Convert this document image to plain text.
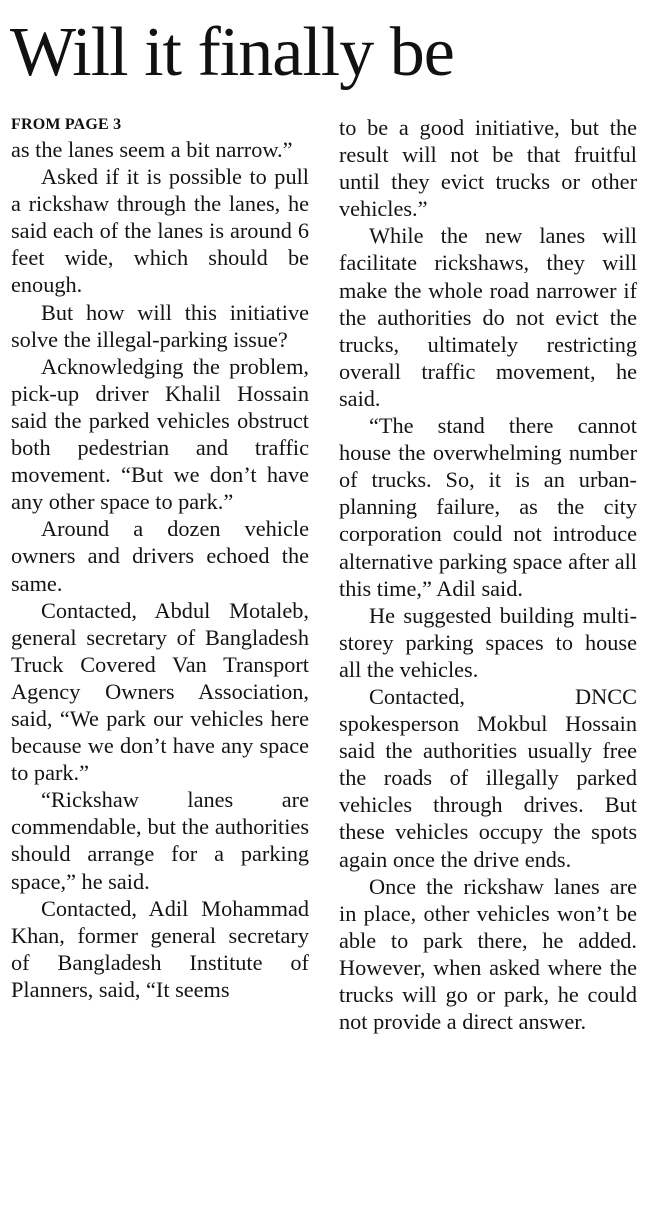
Will it finally be
FROM PAGE 3

as the lanes seem a bit narrow.”

Asked if it is possible to pull a rickshaw through the lanes, he said each of the lanes is around 6 feet wide, which should be enough.

But how will this initiative solve the illegal-parking issue?

Acknowledging the problem, pick-up driver Khalil Hossain said the parked vehicles obstruct both pedestrian and traffic movement. “But we don’t have any other space to park.”

Around a dozen vehicle owners and drivers echoed the same.

Contacted, Abdul Motaleb, general secretary of Bangladesh Truck Covered Van Transport Agency Owners Association, said, “We park our vehicles here because we don’t have any space to park.”

“Rickshaw lanes are commendable, but the authorities should arrange for a parking space,” he said.

Contacted, Adil Mohammad Khan, former general secretary of Bangladesh Institute of Planners, said, “It seems

to be a good initiative, but the result will not be that fruitful until they evict trucks or other vehicles.”

While the new lanes will facilitate rickshaws, they will make the whole road narrower if the authorities do not evict the trucks, ultimately restricting overall traffic movement, he said.

“The stand there cannot house the overwhelming number of trucks. So, it is an urban-planning failure, as the city corporation could not introduce alternative parking space after all this time,” Adil said.

He suggested building multi-storey parking spaces to house all the vehicles.

Contacted, DNCC spokesperson Mokbul Hossain said the authorities usually free the roads of illegally parked vehicles through drives. But these vehicles occupy the spots again once the drive ends.

Once the rickshaw lanes are in place, other vehicles won’t be able to park there, he added. However, when asked where the trucks will go or park, he could not provide a direct answer.
